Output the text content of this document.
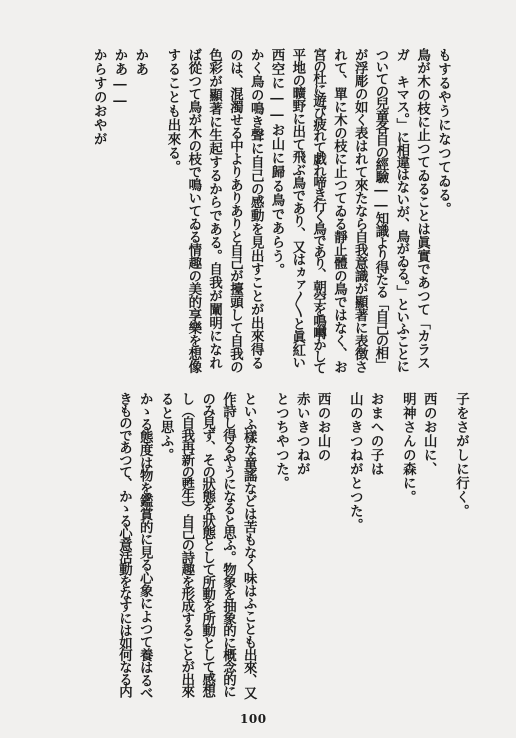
もするやうになつてゐる。
鳥が木の枝に止つてゐることは眞實であつて「カラス
ガ キマス。」に相違はないが、鳥がゐる。」といふことに
ついての兒童各自の經驗――知識より得たる「自己の相」
が浮彫の如く表はれて來たなら自我意識が顯著に表徴さ
れて、單に木の枝に止つてゐる靜止體の鳥ではなく、お
宮の杜に遊び疲れて戯れ啼き行く鳥であり、朝空を鳴囀かして
平地の曠野に出て飛ぶ鳥であり、又はヵァ〳〵と眞紅い
西空に――お山に歸る鳥であらう。
かく鳥の鳴き聲に自己の感動を見出すことが出來得る
のは、混濁せる中よりありありと自己が擡頭して自我の
色彩が顯著に生起するからである。自我が闡明になれ
ば從つて鳥が木の枝で鳴いてゐる情趣の美的享樂を想像
することも出來る。
かあ
かあ――
からすのおやが
子をさがしに行く。
西のお山に、
明神さんの森に。
おまへの子は
山のきつねがとつた。
西のお山の
赤いきつねが
とつちやつた。
といふ樣な童謠などは苦もなく味はふことも出來、又
作詩し得るやうになると思ふ。物象を抽象的に概念的に
のみ見ず、その狀態を狀態として所動を所動として感想
し（自我再新の甦生）自己の詩趣を形成することが出來
ると思ふ。
かゝる態度は物を鑑賞的に見る心象によつて養はるべ
きものであつて、かゝる心意活動をなすには如何なる内
100
